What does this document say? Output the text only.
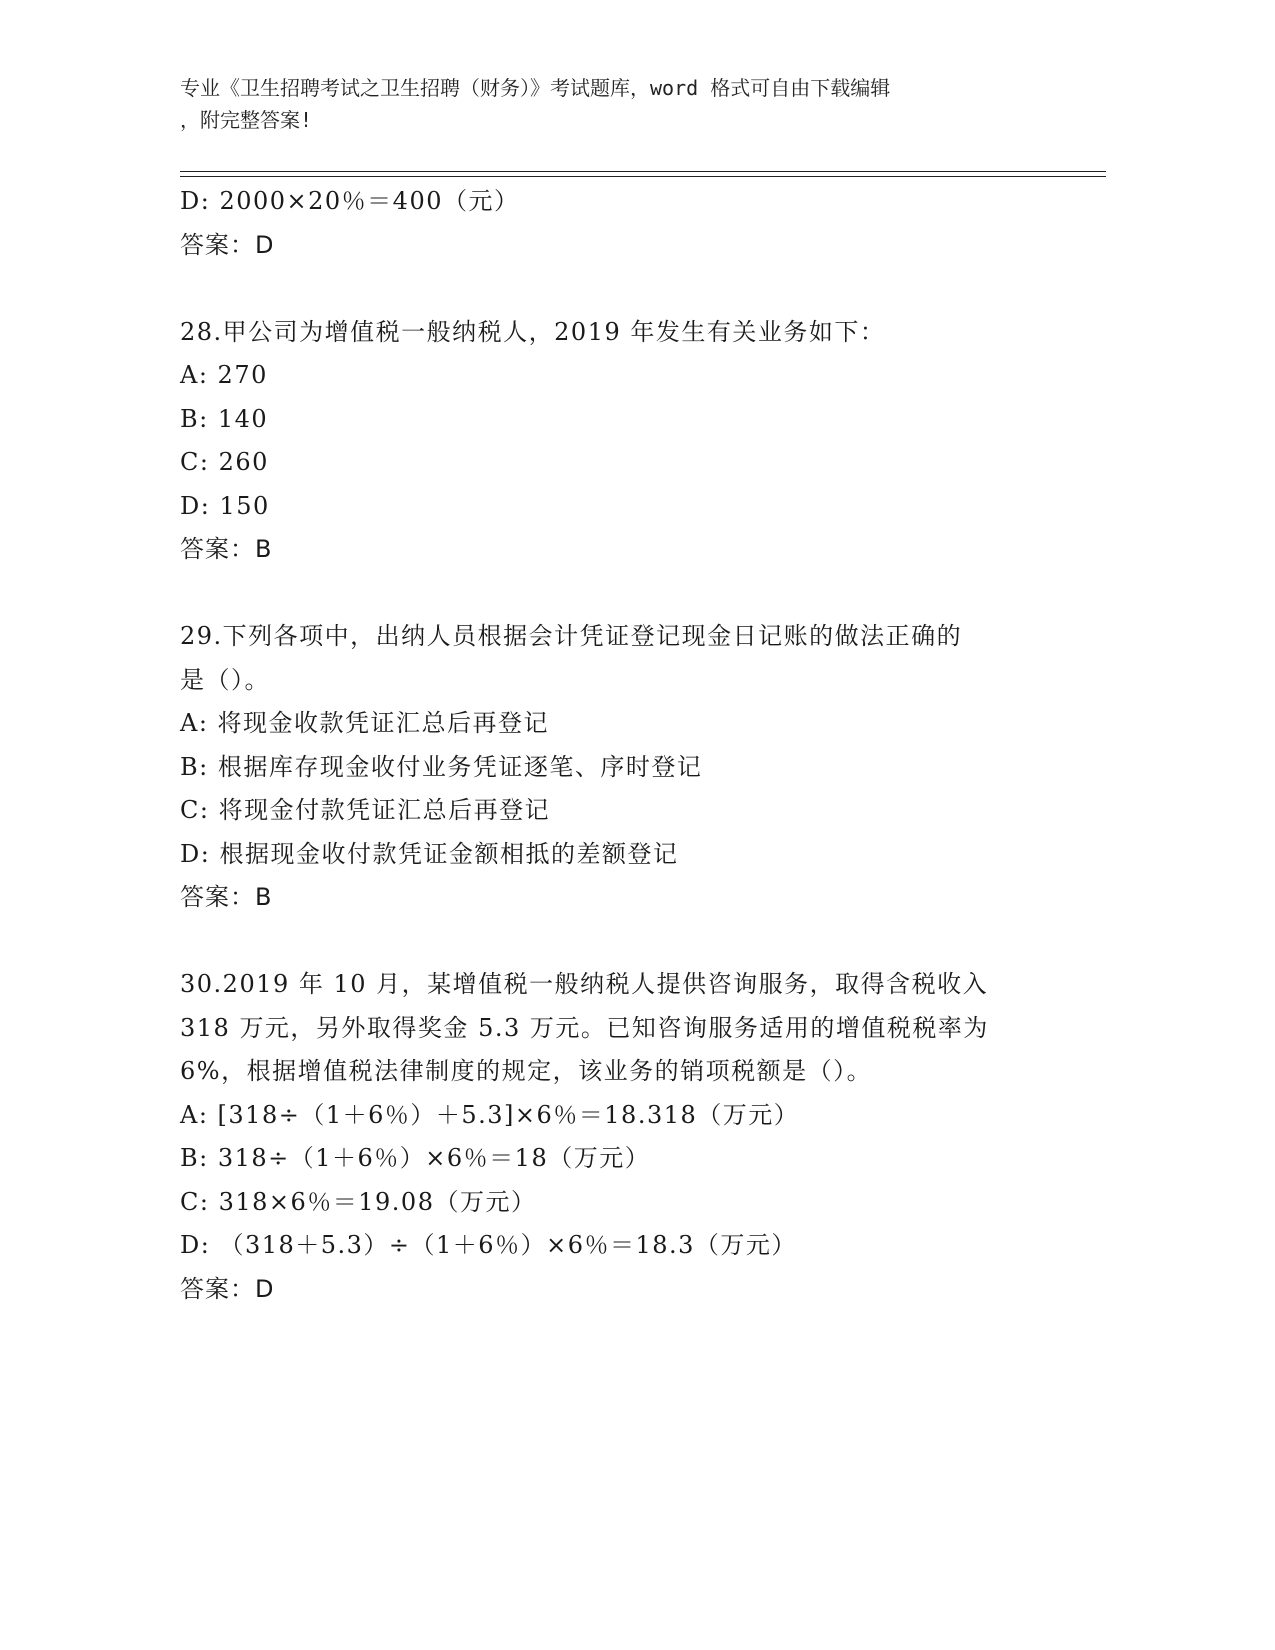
专业《卫生招聘考试之卫生招聘（财务）》考试题库，word 格式可自由下载编辑
，附完整答案!
D: 2000×20％＝400（元）
答案：D
28.甲公司为增值税一般纳税人，2019 年发生有关业务如下：
A: 270
B: 140
C: 260
D: 150
答案：B
29.下列各项中，出纳人员根据会计凭证登记现金日记账的做法正确的
是（）。
A: 将现金收款凭证汇总后再登记
B: 根据库存现金收付业务凭证逐笔、序时登记
C: 将现金付款凭证汇总后再登记
D: 根据现金收付款凭证金额相抵的差额登记
答案：B
30.2019 年 10 月，某增值税一般纳税人提供咨询服务，取得含税收入
318 万元，另外取得奖金 5.3 万元。已知咨询服务适用的增值税税率为
6%，根据增值税法律制度的规定，该业务的销项税额是（）。
A: [318÷（1＋6％）＋5.3]×6％＝18.318（万元）
B: 318÷（1＋6％）×6％＝18（万元）
C: 318×6％＝19.08（万元）
D: （318＋5.3）÷（1＋6％）×6％＝18.3（万元）
答案：D
